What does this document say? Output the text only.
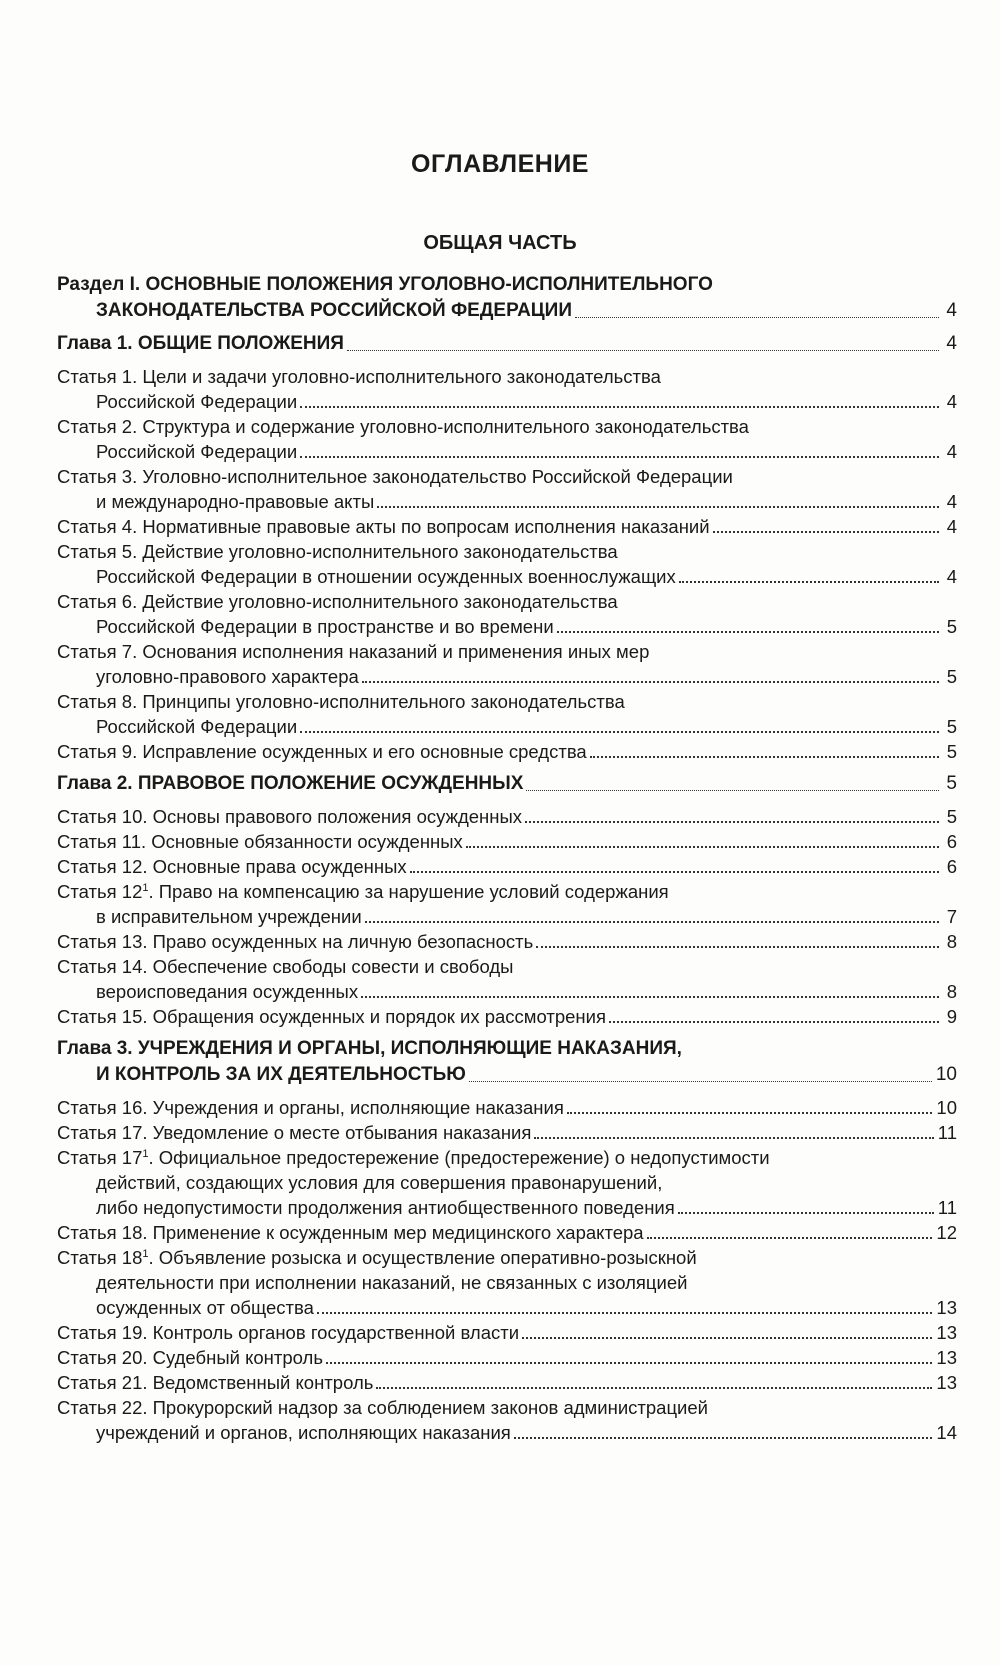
ОГЛАВЛЕНИЕ
ОБЩАЯ ЧАСТЬ
Раздел I. ОСНОВНЫЕ ПОЛОЖЕНИЯ УГОЛОВНО-ИСПОЛНИТЕЛЬНОГО
ЗАКОНОДАТЕЛЬСТВА РОССИЙСКОЙ ФЕДЕРАЦИИ	4
Глава 1. ОБЩИЕ ПОЛОЖЕНИЯ	4
Статья 1. Цели и задачи уголовно-исполнительного законодательства
Российской Федерации	4
Статья 2. Структура и содержание уголовно-исполнительного законодательства
Российской Федерации	4
Статья 3. Уголовно-исполнительное законодательство Российской Федерации
и международно-правовые акты	4
Статья 4. Нормативные правовые акты по вопросам исполнения наказаний	4
Статья 5. Действие уголовно-исполнительного законодательства
Российской Федерации в отношении осужденных военнослужащих	4
Статья 6. Действие уголовно-исполнительного законодательства
Российской Федерации в пространстве и во времени	5
Статья 7. Основания исполнения наказаний и применения иных мер
уголовно-правового характера	5
Статья 8. Принципы уголовно-исполнительного законодательства
Российской Федерации	5
Статья 9. Исправление осужденных и его основные средства	5
Глава 2. ПРАВОВОЕ ПОЛОЖЕНИЕ ОСУЖДЕННЫХ	5
Статья 10. Основы правового положения осужденных	5
Статья 11. Основные обязанности осужденных	6
Статья 12. Основные права осужденных	6
Статья $12^1$. Право на компенсацию за нарушение условий содержания
в исправительном учреждении	7
Статья 13. Право осужденных на личную безопасность	8
Статья 14. Обеспечение свободы совести и свободы
вероисповедания осужденных	8
Статья 15. Обращения осужденных и порядок их рассмотрения	9
Глава 3. УЧРЕЖДЕНИЯ И ОРГАНЫ, ИСПОЛНЯЮЩИЕ НАКАЗАНИЯ,
И КОНТРОЛЬ ЗА ИХ ДЕЯТЕЛЬНОСТЬЮ	10
Статья 16. Учреждения и органы, исполняющие наказания	10
Статья 17. Уведомление о месте отбывания наказания	11
Статья $17^1$. Официальное предостережение (предостережение) о недопустимости
действий, создающих условия для совершения правонарушений,
либо недопустимости продолжения антиобщественного поведения	11
Статья 18. Применение к осужденным мер медицинского характера	12
Статья $18^1$. Объявление розыска и осуществление оперативно-розыскной
деятельности при исполнении наказаний, не связанных с изоляцией
осужденных от общества	13
Статья 19. Контроль органов государственной власти	13
Статья 20. Судебный контроль	13
Статья 21. Ведомственный контроль	13
Статья 22. Прокурорский надзор за соблюдением законов администрацией
учреждений и органов, исполняющих наказания	14
